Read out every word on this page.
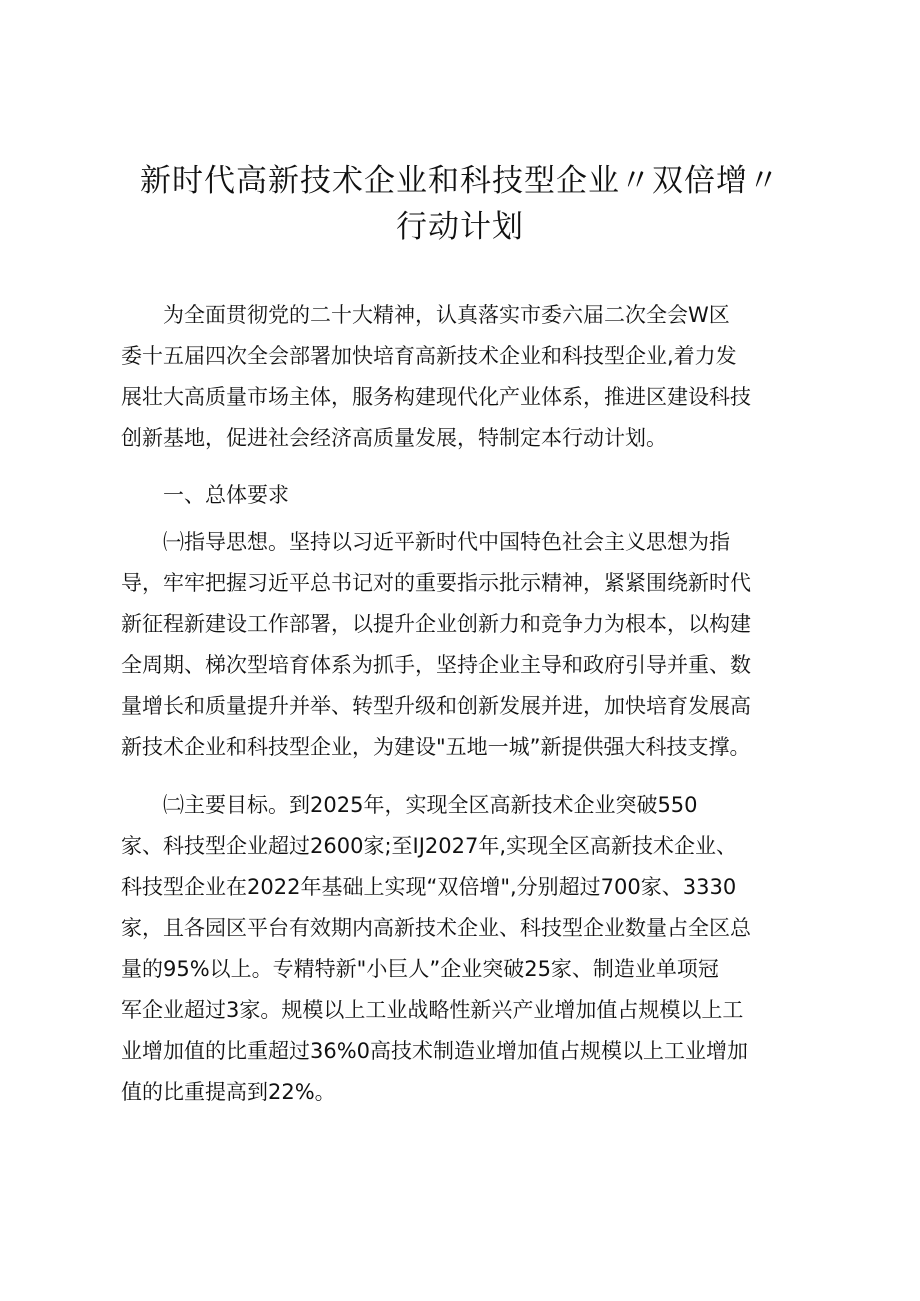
新时代高新技术企业和科技型企业〃双倍增〃
行动计划
为全面贯彻党的二十大精神，认真落实市委六届二次全会W区
委十五届四次全会部署加快培育高新技术企业和科技型企业,着力发
展壮大高质量市场主体，服务构建现代化产业体系，推进区建设科技
创新基地，促进社会经济高质量发展，特制定本行动计划。
一、总体要求
㈠指导思想。坚持以习近平新时代中国特色社会主义思想为指
导，牢牢把握习近平总书记对的重要指示批示精神，紧紧围绕新时代
新征程新建设工作部署，以提升企业创新力和竞争力为根本，以构建
全周期、梯次型培育体系为抓手，坚持企业主导和政府引导并重、数
量增长和质量提升并举、转型升级和创新发展并进，加快培育发展高
新技术企业和科技型企业，为建设"五地一城”新提供强大科技支撑。
㈡主要目标。到2025年，实现全区高新技术企业突破550
家、科技型企业超过2600家;至IJ2027年,实现全区高新技术企业、
科技型企业在2022年基础上实现“双倍增",分别超过700家、3330
家，且各园区平台有效期内高新技术企业、科技型企业数量占全区总
量的95%以上。专精特新"小巨人”企业突破25家、制造业单项冠
军企业超过3家。规模以上工业战略性新兴产业增加值占规模以上工
业增加值的比重超过36%0高技术制造业增加值占规模以上工业增加
值的比重提高到22%。
